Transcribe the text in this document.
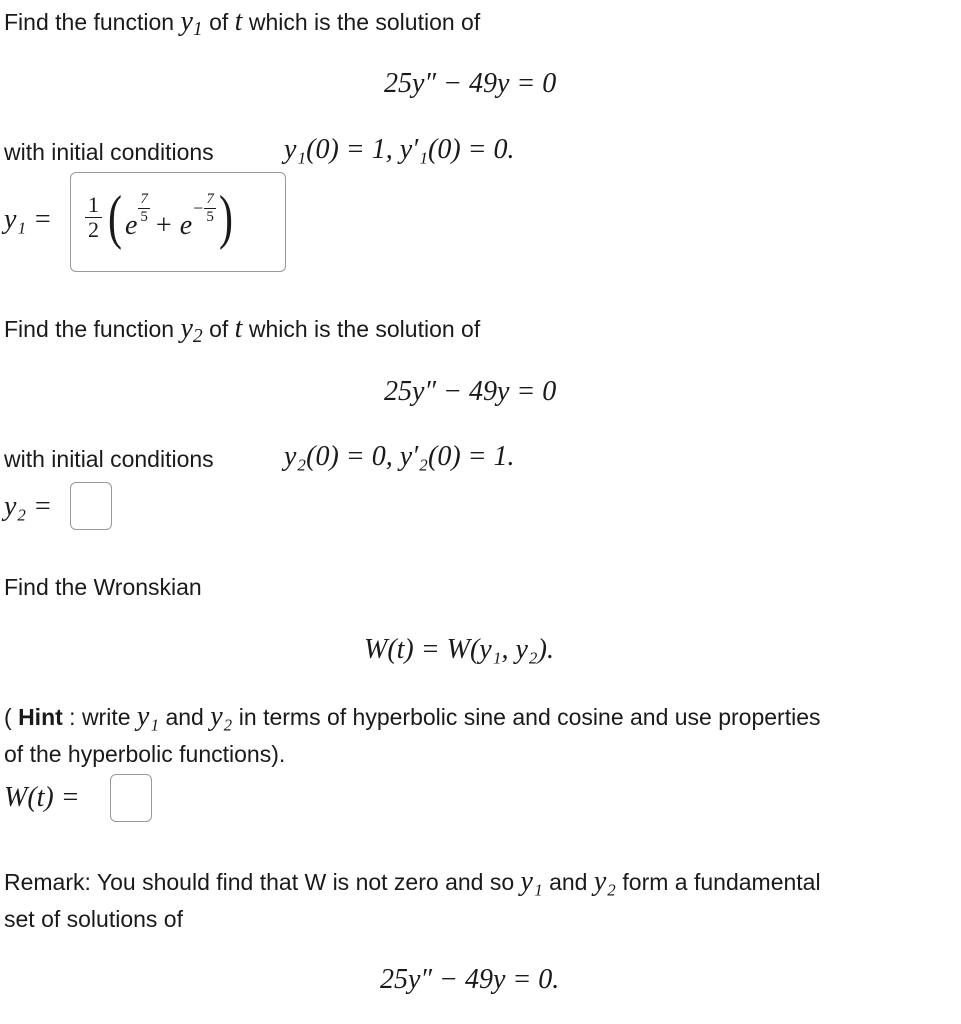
Find the function $y_1$ of t which is the solution of
25y″ − 49y = 0
with initial conditions	y₁(0) = 1, y′₁(0) = 0.
$y_1 = \frac{1}{2}$ ( e
$\frac{7}{5}$
+ e
− $\frac{7}{5}$ )
Find the function $y_2$ of t which is the solution of
25y″ − 49y = 0
with initial conditions	y₂(0) = 0, y′₂(0) = 1.
y₂ =
Find the Wronskian
W(t) = W(y₁, y₂).
( Hint : write y₁ and y₂ in terms of hyperbolic sine and cosine and use properties
of the hyperbolic functions).
W(t) =
Remark: You should find that W is not zero and so y₁ and y₂ form a fundamental
set of solutions of
25y″ − 49y = 0.
